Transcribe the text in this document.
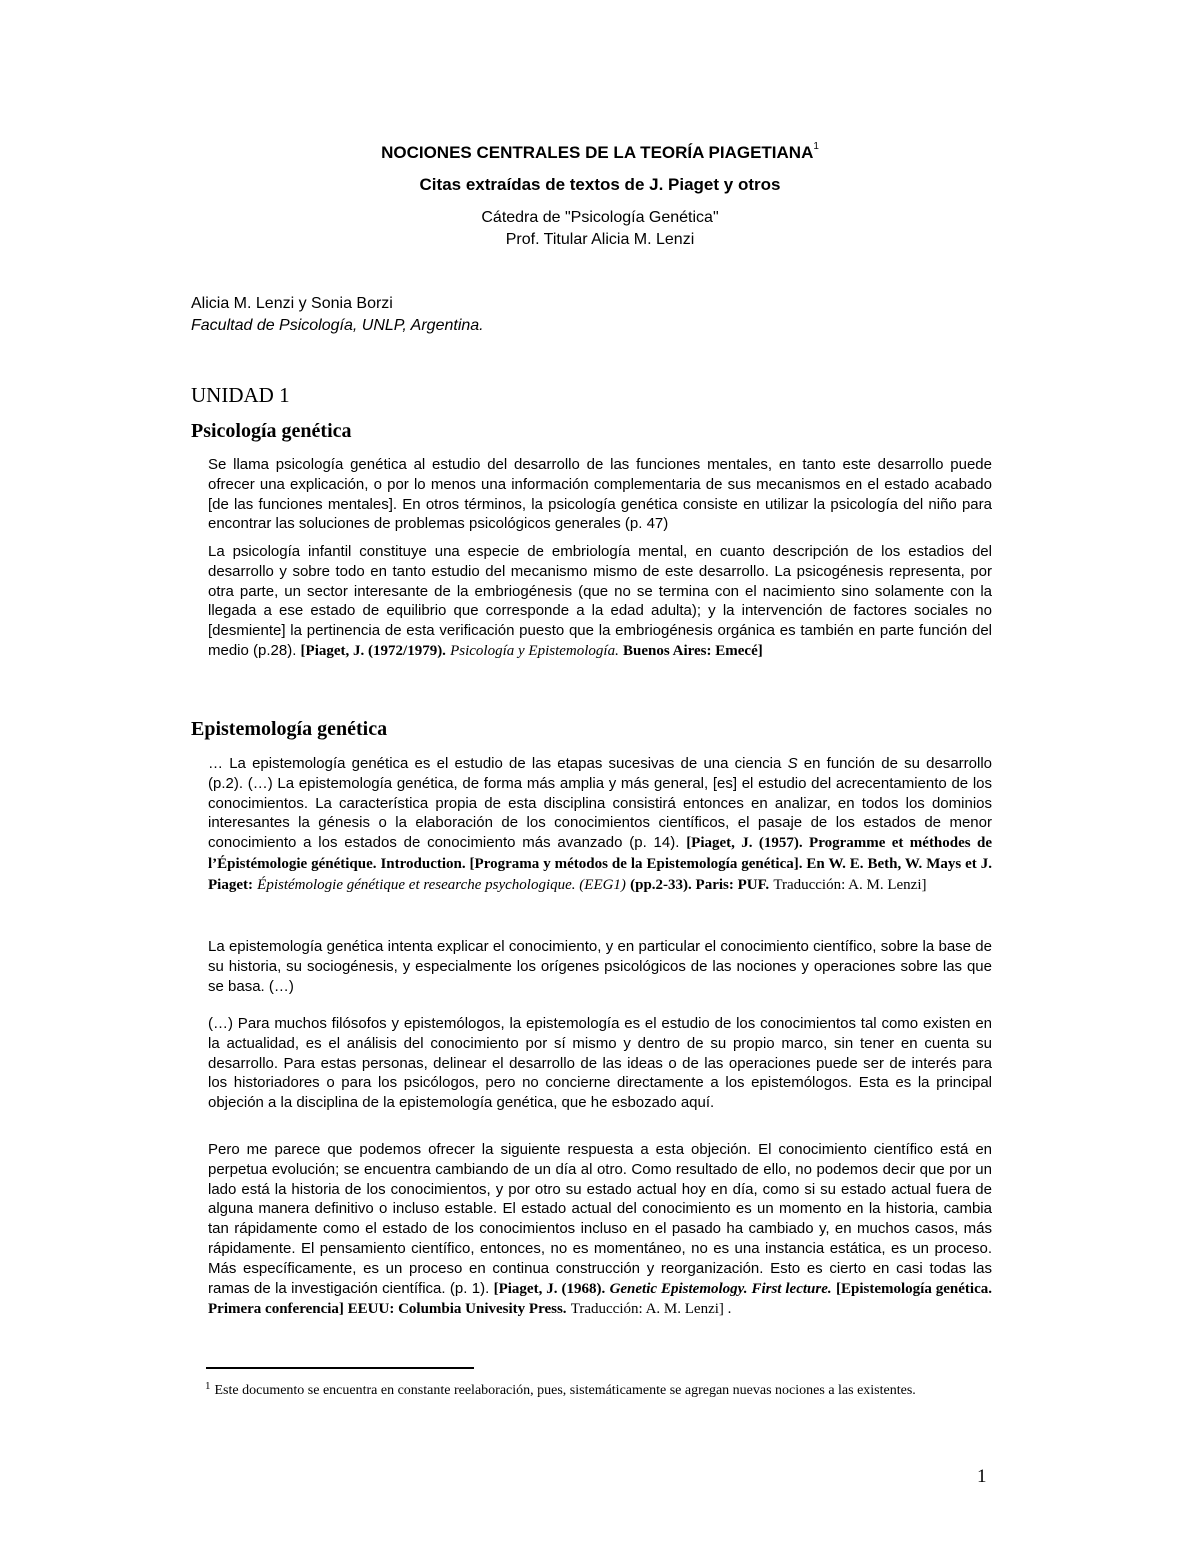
NOCIONES CENTRALES DE LA TEORÍA PIAGETIANA$^1$
Citas extraídas de textos de J. Piaget y otros
Cátedra de "Psicología Genética"
Prof. Titular Alicia M. Lenzi
Alicia M. Lenzi y Sonia Borzi
Facultad de Psicología, UNLP, Argentina.
UNIDAD 1
Psicología genética

Se llama psicología genética al estudio del desarrollo de las funciones mentales, en tanto este desarrollo puede ofrecer una explicación, o por lo menos una información complementaria de sus mecanismos en el estado acabado [de las funciones mentales]. En otros términos, la psicología genética consiste en utilizar la psicología del niño para encontrar las soluciones de problemas psicológicos generales (p. 47)

La psicología infantil constituye una especie de embriología mental, en cuanto descripción de los estadios del desarrollo y sobre todo en tanto estudio del mecanismo mismo de este desarrollo. La psicogénesis representa, por otra parte, un sector interesante de la embriogénesis (que no se termina con el nacimiento sino solamente con la llegada a ese estado de equilibrio que corresponde a la edad adulta); y la intervención de factores sociales no [desmiente] la pertinencia de esta verificación puesto que la embriogénesis orgánica es también en parte función del medio (p.28). [Piaget, J. (1972/1979). Psicología y Epistemología. Buenos Aires: Emecé]

Epistemología genética

… La epistemología genética es el estudio de las etapas sucesivas de una ciencia S en función de su desarrollo (p.2). (…) La epistemología genética, de forma más amplia y más general, [es] el estudio del acrecentamiento de los conocimientos. La característica propia de esta disciplina consistirá entonces en analizar, en todos los dominios interesantes la génesis o la elaboración de los conocimientos científicos, el pasaje de los estados de menor conocimiento a los estados de conocimiento más avanzado (p. 14). [Piaget, J. (1957). Programme et méthodes de l’Épistémologie génétique. Introduction. [Programa y métodos de la Epistemología genética]. En W. E. Beth, W. Mays et J. Piaget: Épistémologie génétique et researche psychologique. (EEG1) (pp.2-33). Paris: PUF. Traducción: A. M. Lenzi]

La epistemología genética intenta explicar el conocimiento, y en particular el conocimiento científico, sobre la base de su historia, su sociogénesis, y especialmente los orígenes psicológicos de las nociones y operaciones sobre las que se basa. (…)

(…) Para muchos filósofos y epistemólogos, la epistemología es el estudio de los conocimientos tal como existen en la actualidad, es el análisis del conocimiento por sí mismo y dentro de su propio marco, sin tener en cuenta su desarrollo. Para estas personas, delinear el desarrollo de las ideas o de las operaciones puede ser de interés para los historiadores o para los psicólogos, pero no concierne directamente a los epistemólogos. Esta es la principal objeción a la disciplina de la epistemología genética, que he esbozado aquí.

Pero me parece que podemos ofrecer la siguiente respuesta a esta objeción. El conocimiento científico está en perpetua evolución; se encuentra cambiando de un día al otro. Como resultado de ello, no podemos decir que por un lado está la historia de los conocimientos, y por otro su estado actual hoy en día, como si su estado actual fuera de alguna manera definitivo o incluso estable. El estado actual del conocimiento es un momento en la historia, cambia tan rápidamente como el estado de los conocimientos incluso en el pasado ha cambiado y, en muchos casos, más rápidamente. El pensamiento científico, entonces, no es momentáneo, no es una instancia estática, es un proceso. Más específicamente, es un proceso en continua construcción y reorganización. Esto es cierto en casi todas las ramas de la investigación científica. (p. 1). [Piaget, J. (1968). Genetic Epistemology. First lecture. [Epistemología genética. Primera conferencia] EEUU: Columbia Univesity Press. Traducción: A. M. Lenzi] .

$^1$ Este documento se encuentra en constante reelaboración, pues, sistemáticamente se agregan nuevas nociones a las existentes.
1
